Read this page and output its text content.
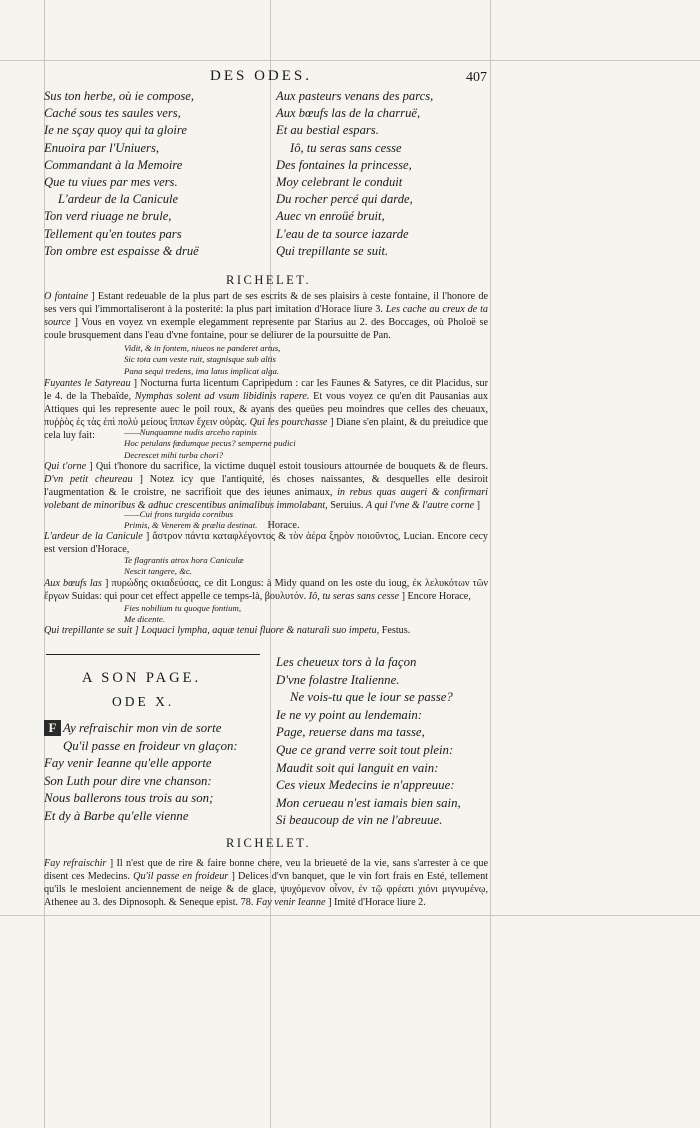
DES ODES.	407
Sus ton herbe, où ie compose,
Caché sous tes saules vers,
Ie ne sçay quoy qui ta gloire
Enuoira par l'Uniuers,
Commandant à la Memoire
Que tu viues par mes vers.
L'ardeur de la Canicule
Ton verd riuage ne brule,
Tellement qu'en toutes pars
Ton ombre est espaisse & druë
Aux pasteurs venans des parcs,
Aux bœufs las de la charruë,
Et au bestial espars.
Iô, tu seras sans cesse
Des fontaines la princesse,
Moy celebrant le conduit
Du rocher percé qui darde,
Auec vn enroüé bruit,
L'eau de ta source iazarde
Qui trepillante se suit.
RICHELET.

O fontaine ] Estant redeuable de la plus part de ses escrits & de ses plaisirs à ceste fontaine, il l'honore de ses vers qui l'immortaliseront à la posterité: la plus part imitation d'Horace liure 3. Les cache au creux de ta source ] Vous en voyez vn exemple elegamment represente par Starius au 2. des Boccages, où Pholoë se coule brusquement dans l'eau d'vne fontaine, pour se deliurer de la poursuitte de Pan.

Vidit, & in fontem, niueos ne panderet artus,
Sic tota cum veste ruit, stagnisque sub altis
Pana sequi tredens, ima latus implicat alga.

Fuyantes le Satyreau ] Nocturna furta licentum Capripedum : car les Faunes & Satyres, ce dit Placidus, sur le 4. de la Thebaïde, Nymphas solent ad vsum libidinis rapere. Et vous voyez ce qu'en dit Pausanias aux Attiques qui les represente auec le poil roux, & ayans des queües peu moindres que celles des cheuaux, πυῤῥὸς ἐς τὰς ἐπὶ πολύ μείους ἵππων ἔχειν οὐρὰς. Qui les pourchasse ] Diane s'en plaint, & du preiudice que cela luy fait:	——Nunquamne nudis arceho rapinis
Hoc petulans fœdumque pecus? semperne pudici
Decrescet mihi turba chori?

Qui t'orne ] Qui t'honore du sacrifice, la victime duquel estoit tousiours attournée de bouquets & de fleurs. D'vn petit cheureau ] Notez icy que l'antiquité, és choses naissantes, & desquelles elle desiroit l'augmentation & le croistre, ne sacrifioit que des ieunes animaux, in rebus quas augeri & confirmari volebant de minoribus & adhuc crescentibus animalibus immolabant, Seruius. A qui l'vne & l'autre corne ]

——Cui frons turgida cornibus
Primis, & Venerem & prælia destinat. Horace.

L'ardeur de la Canicule ] ἄστρον πάντα καταφλέγοντος & τὸν ἀέρα ξηρὸν ποιοῦντος, Lucian. Encore cecy est version d'Horace,

Te flagrantis atrox hora Caniculæ
Nescit tangere, &c.

Aux bœufs las ] πυρώδης σκιαδεύσας, ce dit Longus: à Midy quand on les oste du ioug, ἐκ λελυκότων τῶν ἔργων Suidas: qui pour cet effect appelle ce temps-là, βουλυτόν. Iô, tu seras sans cesse ] Encore Horace,

Fies nobilium tu quoque fontium,
Me dicente.

Qui trepillante se suit ] Loquaci lympha, aquæ tenui fluore & naturali suo impetu, Festus.

A SON PAGE.
ODE X.
F Ay refraischir mon vin de sorte
Qu'il passe en froideur vn glaçon:
Fay venir Ieanne qu'elle apporte
Son Luth pour dire vne chanson:
Nous ballerons tous trois au son;
Et dy à Barbe qu'elle vienne
Les cheueux tors à la façon
D'vne folastre Italienne.
Ne vois-tu que le iour se passe?
Ie ne vy point au lendemain:
Page, reuerse dans ma tasse,
Que ce grand verre soit tout plein:
Maudit soit qui languit en vain:
Ces vieux Medecins ie n'appreuue:
Mon cerueau n'est iamais bien sain,
Si beaucoup de vin ne l'abreuue.
RICHELET.

Fay refraischir ] Il n'est que de rire & faire bonne chere, veu la brieueté de la vie, sans s'arrester à ce que disent ces Medecins. Qu'il passe en froideur ] Delices d'vn banquet, que le vin fort frais en Esté, tellement qu'ils le mesloient anciennement de neige & de glace, ψυχόμενον οἶνον, ἐν τῷ φρέατι χιόνι μιγνυμένῳ, Athenee au 3. des Dipnosoph. & Seneque epist. 78. Fay venir Ieanne ] Imité d'Horace liure 2.
